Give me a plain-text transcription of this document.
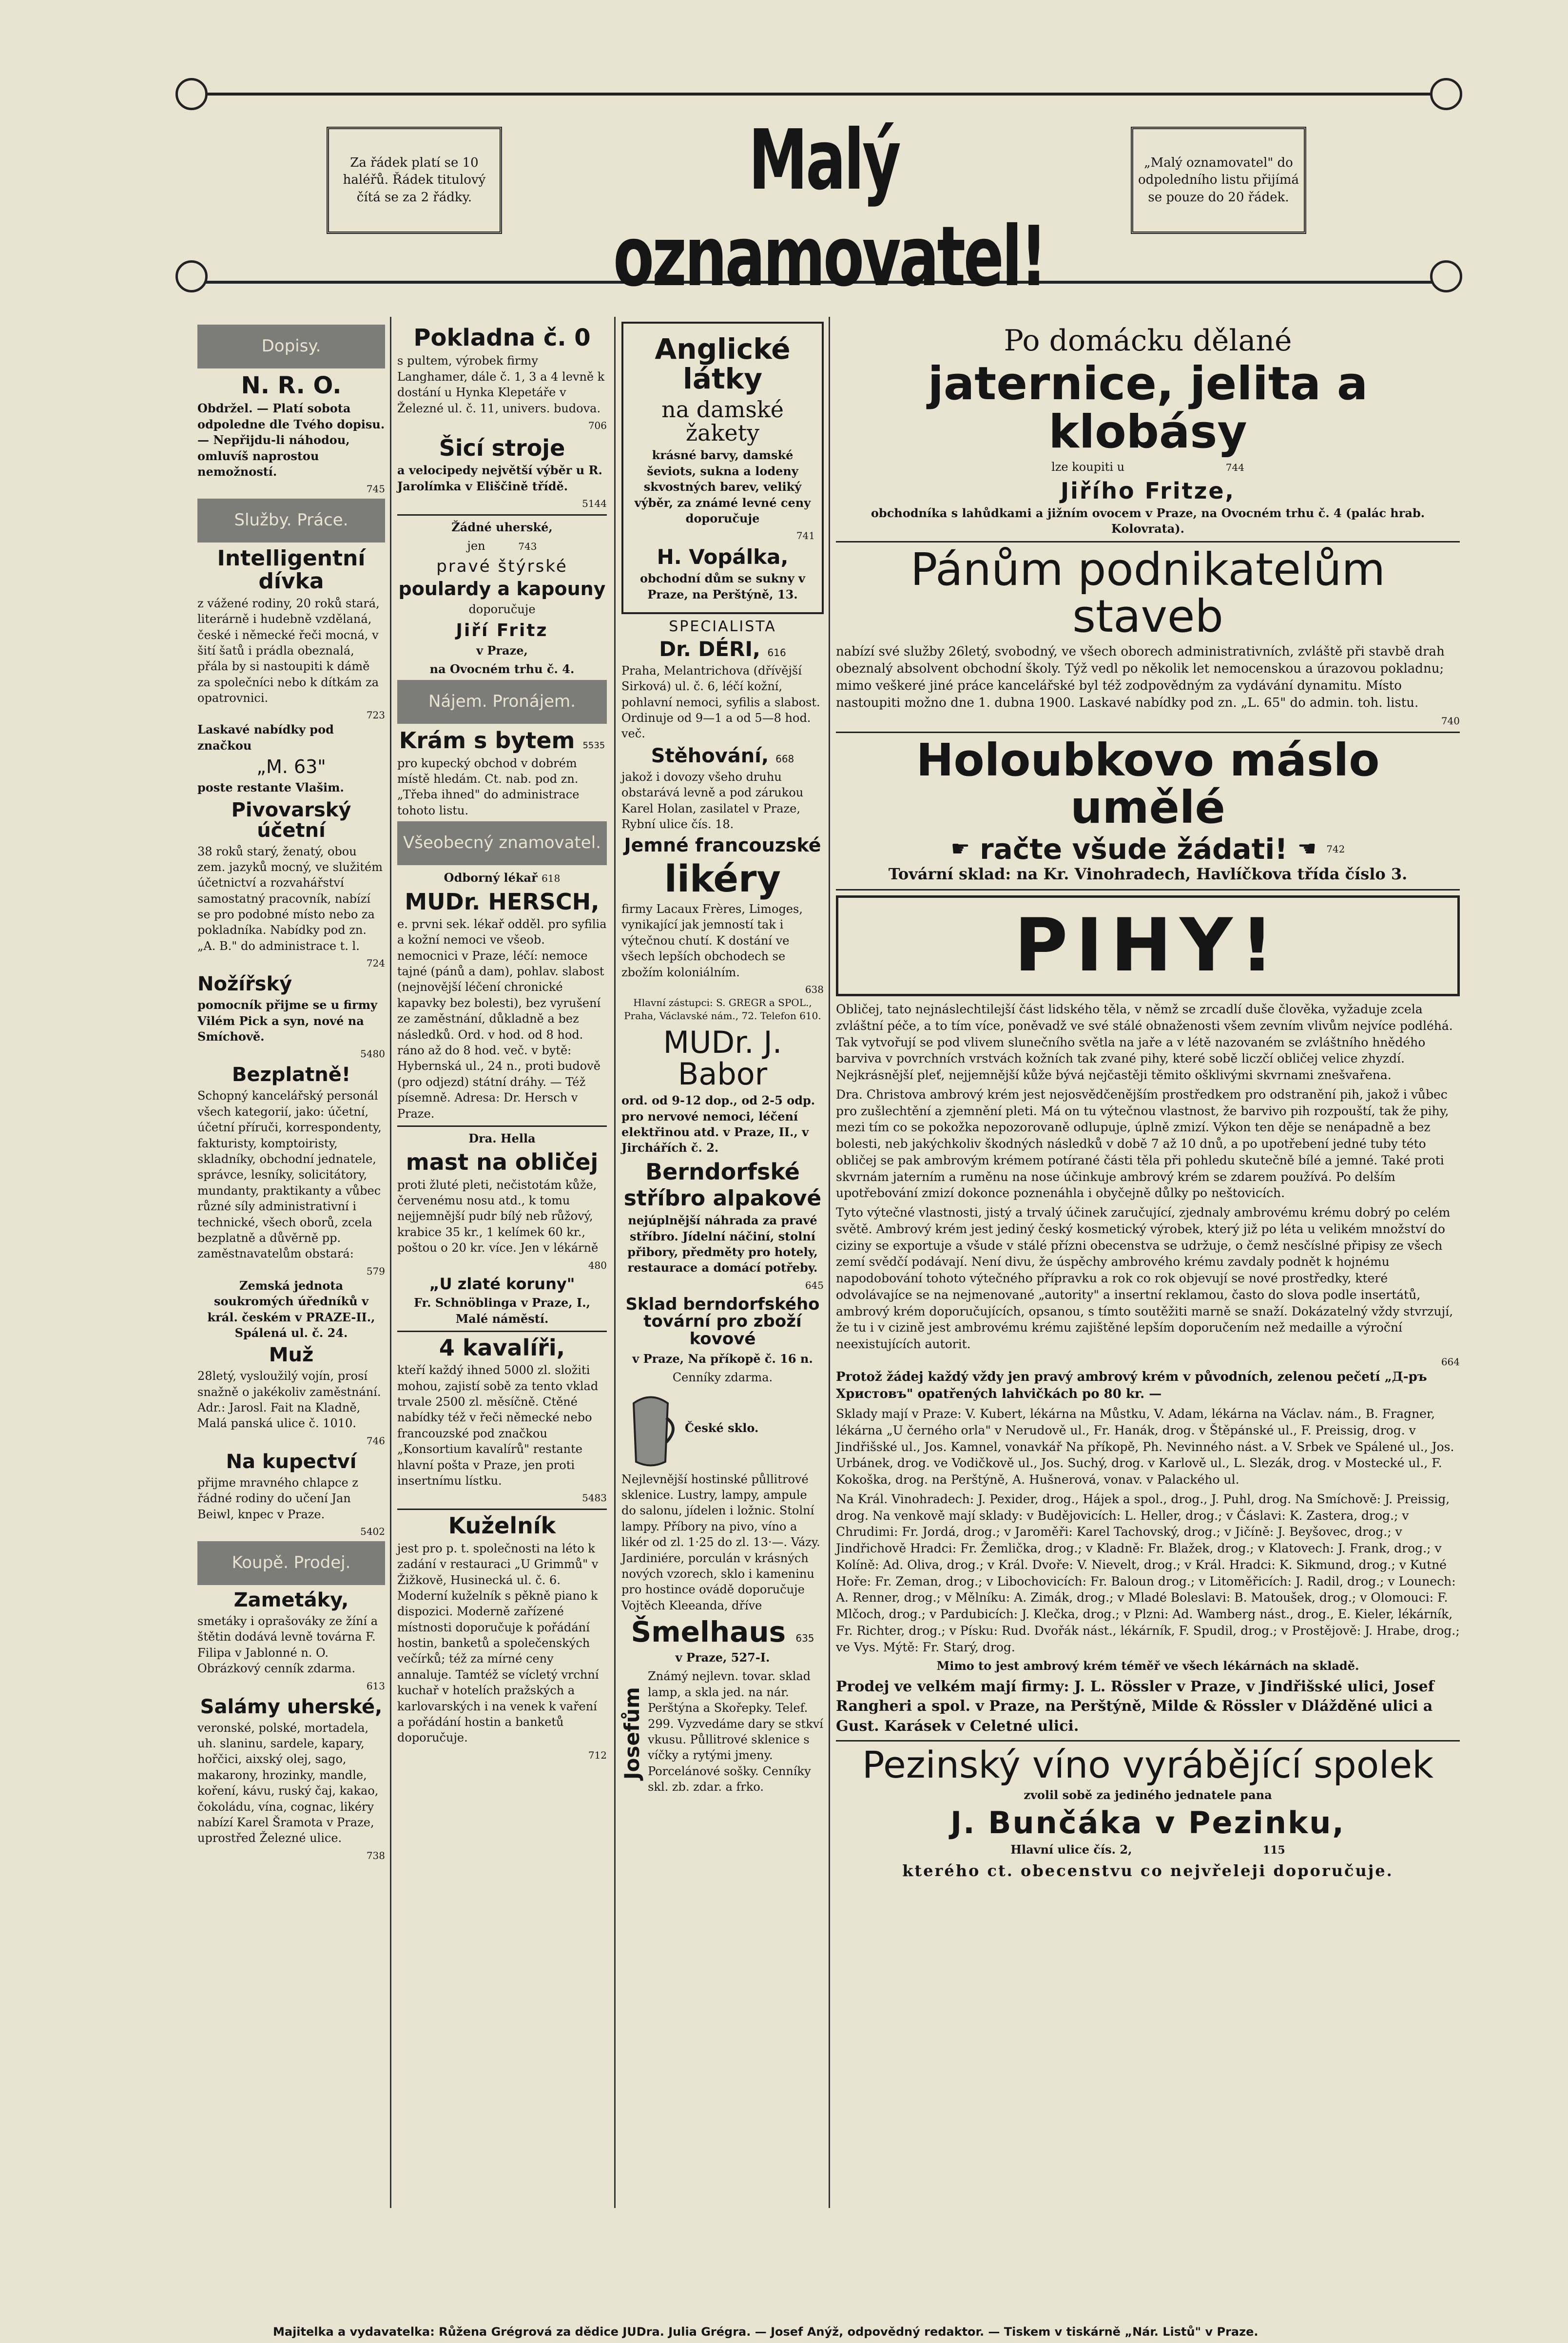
Za řádek platí se 10 haléřů. Řádek titulový čítá se za 2 řádky.	Malý oznamovatel!
„Malý oznamovatel" do odpoledního listu přijímá se pouze do 20 řádek.
Dopisy.
N. R. O.

Obdržel. — Platí sobota odpoledne dle Tvého dopisu. — Nepřijdu-li náhodou, omluvíš naprostou nemožností.

745
Služby. Práce.
Intelligentní dívka

z vážené rodiny, 20 roků stará, literárně i hudebně vzdělaná, české i německé řeči mocná, v šití šatů i prádla obeznalá, přála by si nastoupiti k dámě za společníci nebo k dítkám za opatrovnici.

723

Laskavé nabídky pod značkou

„M. 63"

poste restante Vlašim.

Pivovarský účetní

38 roků starý, ženatý, obou zem. jazyků mocný, ve služitém účetnictví a rozvahářství samostatný pracovník, nabízí se pro podobné místo nebo za pokladníka. Nabídky pod zn. „A. B." do administrace t. l.

724
Nožířský

pomocník přijme se u firmy Vilém Pick a syn, nové na Smíchově.

5480
Bezplatně!

Schopný kancelářský personál všech kategorií, jako: účetní, účetní příruči, korrespondenty, fakturisty, komptoiristy, skladníky, obchodní jednatele, správce, lesníky, solicitátory, mundanty, praktikanty a vůbec různé síly administrativní i technické, všech oborů, zcela bezplatně a důvěrně pp. zaměstnavatelům obstará:

579

Zemská jednota soukromých úředníků v král. českém v PRAZE-II., Spálená ul. č. 24.

Muž

28letý, vysloužilý vojín, prosí snažně o jakékoliv zaměstnání. Adr.: Jarosl. Fait na Kladně, Malá panská ulice č. 1010.

746
Na kupectví

přijme mravného chlapce z řádné rodiny do učení Jan Beiwl, knpec v Praze.

5402
Koupě. Prodej.
Zametáky,

smetáky i oprašováky ze žíní a štětin dodává levně továrna F. Filipa v Jablonné n. O. Obrázkový cenník zdarma.

613
Salámy uherské,

veronské, polské, mortadela, uh. slaninu, sardele, kapary, hořčici, aixský olej, sago, makarony, hrozinky, mandle, koření, kávu, ruský čaj, kakao, čokoládu, vína, cognac, likéry nabízí Karel Šramota v Praze, uprostřed Železné ulice.

738
Pokladna č. 0

s pultem, výrobek firmy Langhamer, dále č. 1, 3 a 4 levně k dostání u Hynka Klepetáře v Železné ul. č. 11, univers. budova.

706
Šicí stroje

a velocipedy největší výběr u R. Jarolímka v Eliščině třídě.

5144

Žádné uherské,

jen	743

pravé štýrské
poulardy a kapouny

doporučuje

Jiří Fritz

v Praze,

na Ovocném trhu č. 4.

Nájem. Pronájem.
Krám s bytem 5535

pro kupecký obchod v dobrém místě hledám. Ct. nab. pod zn. „Třeba ihned" do administrace tohoto listu.

Všeobecný znamovatel.

Odborný lékař 618

MUDr. HERSCH,

e. prvni sek. lékař odděl. pro syfilia a kožní nemoci ve všeob. nemocnici v Praze, léčí: nemoce tajné (pánů a dam), pohlav. slabost (nejnovější léčení chronické kapavky bez bolesti), bez vyrušení ze zaměstnání, důkladně a bez následků. Ord. v hod. od 8 hod. ráno až do 8 hod. več. v bytě: Hybernská ul., 24 n., proti budově (pro odjezd) státní dráhy. — Též písemně. Adresa: Dr. Hersch v Praze.

Dra. Hella

mast na obličej

proti žluté pleti, nečistotám kůže, červenému nosu atd., k tomu nejjemnější pudr bílý neb růžový, krabice 35 kr., 1 kelímek 60 kr., poštou o 20 kr. více. Jen v lékárně

480
„U zlaté koruny"

Fr. Schnöblinga v Praze, I., Malé náměstí.

4 kavalíři,

kteří každý ihned 5000 zl. složiti mohou, zajistí sobě za tento vklad trvale 2500 zl. měsíčně. Ctěné nabídky též v řeči německé nebo francouzské pod značkou „Konsortium kavalírů" restante hlavní pošta v Praze, jen proti insertnímu lístku.

5483
Kuželník

jest pro p. t. společnosti na léto k zadání v restauraci „U Grimmů" v Žižkově, Husinecká ul. č. 6. Moderní kuželník s pěkně piano k dispozici. Moderně zařízené místnosti doporučuje k pořádání hostin, banketů a společenských večírků; též za mírné ceny annaluje. Tamtéž se vícletý vrchní kuchař v hotelích pražských a karlovarských i na venek k vaření a pořádání hostin a banketů doporučuje.

712
Anglické látky
na damské žakety

krásné barvy, damské ševiots, sukna a lodeny skvostných barev, veliký výběr, za známé levné ceny doporučuje

741
H. Vopálka,

obchodní dům se sukny v Praze, na Perštýně, 13.

SPECIALISTA
Dr. DÉRI, 616

Praha, Melantrichova (dřívější Sirková) ul. č. 6, léčí kožní, pohlavní nemoci, syfilis a slabost. Ordinuje od 9—1 a od 5—8 hod. več.

Stěhování, 668

jakož i dovozy všeho druhu obstarává levně a pod zárukou Karel Holan, zasilatel v Praze, Rybní ulice čís. 18.

Jemné francouzské
likéry

firmy Lacaux Frères, Limoges, vynikající jak jemností tak i výtečnou chutí. K dostání ve všech lepších obchodech se zbožím koloniálním.

638

Hlavní zástupci: S. GREGR a SPOL., Praha, Václavské nám., 72. Telefon 610.

MUDr. J. Babor

ord. od 9-12 dop., od 2-5 odp. pro nervové nemoci, léčení elektřinou atd. v Praze, II., v Jirchářích č. 2.

Berndorfské
stříbro alpakové

nejúplnější náhrada za pravé stříbro. Jídelní náčiní, stolní přibory, předměty pro hotely, restaurace a domácí potřeby.

645
Sklad berndorfského tovární pro zboží kovové

v Praze, Na příkopě č. 16 n.

Cenníky zdarma.

České sklo.

Nejlevnější hostinské půllitrové sklenice. Lustry, lampy, ampule do salonu, jídelen i ložnic. Stolní lampy. Příbory na pivo, víno a likér od zl. 1·25 do zl. 13·—. Vázy. Jardiniére, porculán v krásných nových vzorech, sklo i kameninu pro hostince ovádě doporučuje Vojtěch Kleeanda, dříve

Šmelhaus 635

v Praze, 527-I.

Josefům

Známý nejlevn. tovar. sklad lamp, a skla jed. na nár. Perštýna a Skořepky. Telef. 299. Vyzvedáme dary se stkví vkusu. Půllitrové sklenice s víčky a rytými jmeny. Porcelánové sošky. Cenníky skl. zb. zdar. a frko.

Po domácku dělané
jaternice, jelita a klobásy

lze koupiti u	744

Jiřího Fritze,

obchodníka s lahůdkami a jižním ovocem v Praze, na Ovocném trhu č. 4 (palác hrab. Kolovrata).

Pánům podnikatelům staveb

nabízí své služby 26letý, svobodný, ve všech oborech administrativních, zvláště při stavbě drah obeznalý absolvent obchodní školy. Týž vedl po několik let nemocenskou a úrazovou pokladnu; mimo veškeré jiné práce kancelářské byl též zodpovědným za vydávání dynamitu. Místo nastoupiti možno dne 1. dubna 1900. Laskavé nabídky pod zn. „L. 65" do admin. toh. listu.

740
Holoubkovo máslo umělé
☛ račte všude žádati! ☚ 742

Tovární sklad: na Kr. Vinohradech, Havlíčkova třída číslo 3.

PIHY!

Obličej, tato nejnáslechtilejší část lidského těla, v němž se zrcadlí duše člověka, vyžaduje zcela zvláštní péče, a to tím více, poněvadž ve své stálé obnaženosti všem zevním vlivům nejvíce podléhá. Tak vytvořují se pod vlivem slunečního světla na jaře a v létě nazovaném se zvláštního hnědého barviva v povrchních vrstvách kožních tak zvané pihy, které sobě liczčí obličej velice zhyzdí. Nejkrásnější pleť, nejjemnější kůže bývá nejčastěji těmito ošklivými skvrnami znešvařena.

Dra. Christova ambrový krém jest nejosvědčenějším prostředkem pro odstranění pih, jakož i vůbec pro zušlechtění a zjemnění pleti. Má on tu výtečnou vlastnost, že barvivo pih rozpouští, tak že pihy, mezi tím co se pokožka nepozorovaně odlupuje, úplně zmizí. Výkon ten děje se nenápadně a bez bolesti, neb jakýchkoliv škodných následků v době 7 až 10 dnů, a po upotřebení jedné tuby této obličej se pak ambrovým krémem potírané části těla při pohledu skutečně bílé a jemné. Také proti skvrnám jaterním a ruměnu na nose účinkuje ambrový krém se zdarem používá. Po delším upotřebování zmizí dokonce poznenáhla i obyčejně důlky po neštovicích.

Tyto výtečné vlastnosti, jistý a trvalý účinek zaručující, zjednaly ambrovému krému dobrý po celém světě. Ambrový krém jest jediný český kosmetický výrobek, který již po léta u velikém množství do ciziny se exportuje a všude v stálé přízni obecenstva se udržuje, o čemž nesčíslné připisy ze všech zemí svědčí podávají. Není divu, že úspěchy ambrového krému zavdaly podnět k hojnému napodobování tohoto výtečného přípravku a rok co rok objevují se nové prostředky, které odvolávajíce se na nejmenované „autority" a insertní reklamou, často do slova podle insertátů, ambrový krém doporučujících, opsanou, s tímto soutěžiti marně se snaží. Dokázatelný vždy stvrzují, že tu i v cizině jest ambrovému krému zajištěné lepším doporučením než medaille a výroční neexistujících autorit.

664

Protož žádej každý vždy jen pravý ambrový krém v původních, zelenou pečetí „Д-ръ Христовъ" opatřených lahvičkách po 80 kr. —

Sklady mají v Praze: V. Kubert, lékárna na Můstku, V. Adam, lékárna na Václav. nám., B. Fragner, lékárna „U černého orla" v Nerudově ul., Fr. Hanák, drog. v Štěpánské ul., F. Preissig, drog. v Jindřišské ul., Jos. Kamnel, vonavkář Na příkopě, Ph. Nevinného nást. a V. Srbek ve Spálené ul., Jos. Urbánek, drog. ve Vodičkově ul., Jos. Suchý, drog. v Karlově ul., L. Slezák, drog. v Mostecké ul., F. Kokoška, drog. na Perštýně, A. Hušnerová, vonav. v Palackého ul.

Na Král. Vinohradech: J. Pexider, drog., Hájek a spol., drog., J. Puhl, drog. Na Smíchově: J. Preissig, drog. Na venkově mají sklady: v Budějovicích: L. Heller, drog.; v Čáslavi: K. Zastera, drog.; v Chrudimi: Fr. Jordá, drog.; v Jaroměři: Karel Tachovský, drog.; v Jičíně: J. Beyšovec, drog.; v Jindřichově Hradci: Fr. Žemlička, drog.; v Kladně: Fr. Blažek, drog.; v Klatovech: J. Frank, drog.; v Kolíně: Ad. Oliva, drog.; v Král. Dvoře: V. Nievelt, drog.; v Král. Hradci: K. Sikmund, drog.; v Kutné Hoře: Fr. Zeman, drog.; v Libochovicích: Fr. Baloun drog.; v Litoměřicích: J. Radil, drog.; v Lounech: A. Renner, drog.; v Mělníku: A. Zimák, drog.; v Mladé Boleslavi: B. Matoušek, drog.; v Olomouci: F. Mlčoch, drog.; v Pardubicích: J. Klečka, drog.; v Plzni: Ad. Wamberg nást., drog., E. Kieler, lékárník, Fr. Richter, drog.; v Písku: Rud. Dvořák nást., lékárník, F. Spudil, drog.; v Prostějově: J. Hrabe, drog.; ve Vys. Mýtě: Fr. Starý, drog.

Mimo to jest ambrový krém téměř ve všech lékárnách na skladě.

Prodej ve velkém mají firmy: J. L. Rössler v Praze, v Jindřišské ulici, Josef Rangheri a spol. v Praze, na Perštýně, Milde & Rössler v Dlážděné ulici a Gust. Karásek v Celetné ulici.

Pezinský víno vyrábějící spolek

zvolil sobě za jediného jednatele pana

J. Bunčáka v Pezinku,

Hlavní ulice čís. 2,	115

kterého ct. obecenstvu co nejvřeleji doporučuje.

Majitelka a vydavatelka: Růžena Grégrová za dědice JUDra. Julia Grégra. — Josef Anýž, odpovědný redaktor. — Tiskem v tiskárně „Nár. Listů" v Praze.
